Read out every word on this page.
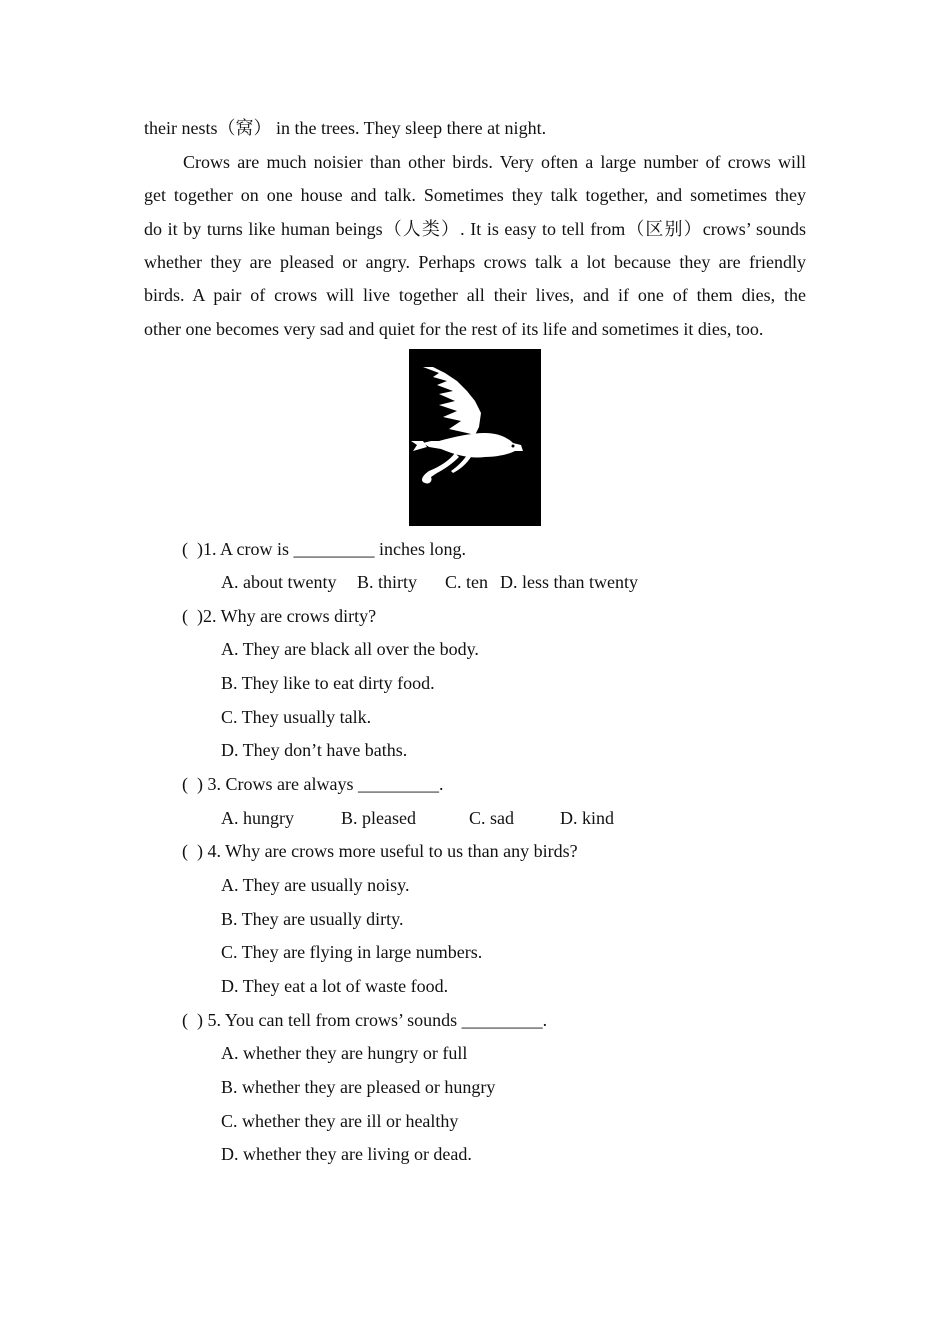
their nests（窝） in the trees. They sleep there at night.
Crows are much noisier than other birds. Very often a large number of crows will
get together on one house and talk. Sometimes they talk together, and sometimes they
do it by turns like human beings（人类）. It is easy to tell from（区别）crows’ sounds
whether they are pleased or angry. Perhaps crows talk a lot because they are friendly
birds. A pair of crows will live together all their lives, and if one of them dies, the
other one becomes very sad and quiet for the rest of its life and sometimes it dies, too.
(  )1. A crow is _________ inches long.
A. about twenty B. thirty C. ten D. less than twenty
(  )2. Why are crows dirty?
A. They are black all over the body.
B. They like to eat dirty food.
C. They usually talk.
D. They don’t have baths.
(  ) 3. Crows are always _________.
A. hungry	B. pleased	C. sad	D. kind
(  ) 4. Why are crows more useful to us than any birds?
A. They are usually noisy.
B. They are usually dirty.
C. They are flying in large numbers.
D. They eat a lot of waste food.
(  ) 5. You can tell from crows’ sounds _________.
A. whether they are hungry or full
B. whether they are pleased or hungry
C. whether they are ill or healthy
D. whether they are living or dead.
